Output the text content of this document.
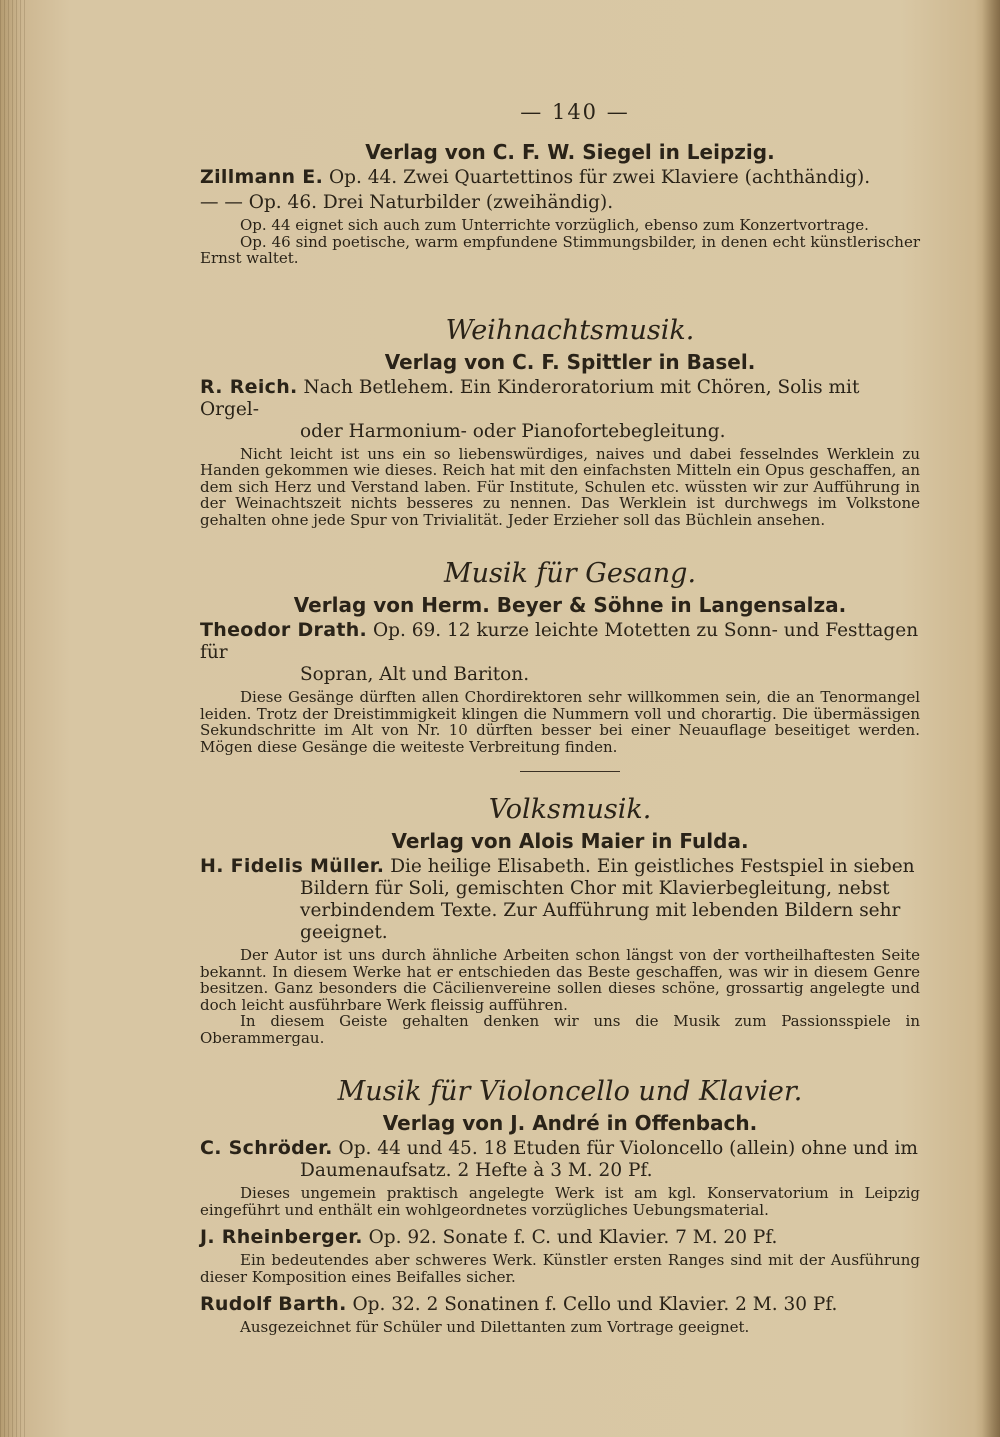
— 140 —
Verlag von C. F. W. Siegel in Leipzig.
Zillmann E. Op. 44. Zwei Quartettinos für zwei Klaviere (achthändig).
— — Op. 46. Drei Naturbilder (zweihändig).
Op. 44 eignet sich auch zum Unterrichte vorzüglich, ebenso zum Konzertvortrage.
Op. 46 sind poetische, warm empfundene Stimmungsbilder, in denen echt künstlerischer Ernst waltet.
Weihnachtsmusik.
Verlag von C. F. Spittler in Basel.
R. Reich. Nach Betlehem. Ein Kinderoratorium mit Chören, Solis mit Orgel-
oder Harmonium- oder Pianofortebegleitung.
Nicht leicht ist uns ein so liebenswürdiges, naives und dabei fesselndes Werklein zu Handen gekommen wie dieses. Reich hat mit den einfachsten Mitteln ein Opus geschaffen, an dem sich Herz und Verstand laben. Für Institute, Schulen etc. wüssten wir zur Aufführung in der Weinachtszeit nichts besseres zu nennen. Das Werklein ist durchwegs im Volkstone gehalten ohne jede Spur von Trivialität. Jeder Erzieher soll das Büchlein ansehen.
Musik für Gesang.
Verlag von Herm. Beyer & Söhne in Langensalza.
Theodor Drath. Op. 69. 12 kurze leichte Motetten zu Sonn- und Festtagen für
Sopran, Alt und Bariton.
Diese Gesänge dürften allen Chordirektoren sehr willkommen sein, die an Tenormangel leiden. Trotz der Dreistimmigkeit klingen die Nummern voll und chorartig. Die übermässigen Sekundschritte im Alt von Nr. 10 dürften besser bei einer Neuauflage beseitiget werden. Mögen diese Gesänge die weiteste Verbreitung finden.
Volksmusik.
Verlag von Alois Maier in Fulda.
H. Fidelis Müller. Die heilige Elisabeth. Ein geistliches Festspiel in sieben
Bildern für Soli, gemischten Chor mit Klavierbegleitung, nebst verbindendem Texte. Zur Aufführung mit lebenden Bildern sehr geeignet.
Der Autor ist uns durch ähnliche Arbeiten schon längst von der vortheilhaftesten Seite bekannt. In diesem Werke hat er entschieden das Beste geschaffen, was wir in diesem Genre besitzen. Ganz besonders die Cäcilienvereine sollen dieses schöne, grossartig angelegte und doch leicht ausführbare Werk fleissig aufführen.
In diesem Geiste gehalten denken wir uns die Musik zum Passionsspiele in Oberammergau.
Musik für Violoncello und Klavier.
Verlag von J. André in Offenbach.
C. Schröder. Op. 44 und 45. 18 Etuden für Violoncello (allein) ohne und im
Daumenaufsatz. 2 Hefte à 3 M. 20 Pf.
Dieses ungemein praktisch angelegte Werk ist am kgl. Konservatorium in Leipzig eingeführt und enthält ein wohlgeordnetes vorzügliches Uebungsmaterial.
J. Rheinberger. Op. 92. Sonate f. C. und Klavier. 7 M. 20 Pf.
Ein bedeutendes aber schweres Werk. Künstler ersten Ranges sind mit der Ausführung dieser Komposition eines Beifalles sicher.
Rudolf Barth. Op. 32. 2 Sonatinen f. Cello und Klavier. 2 M. 30 Pf.
Ausgezeichnet für Schüler und Dilettanten zum Vortrage geeignet.
